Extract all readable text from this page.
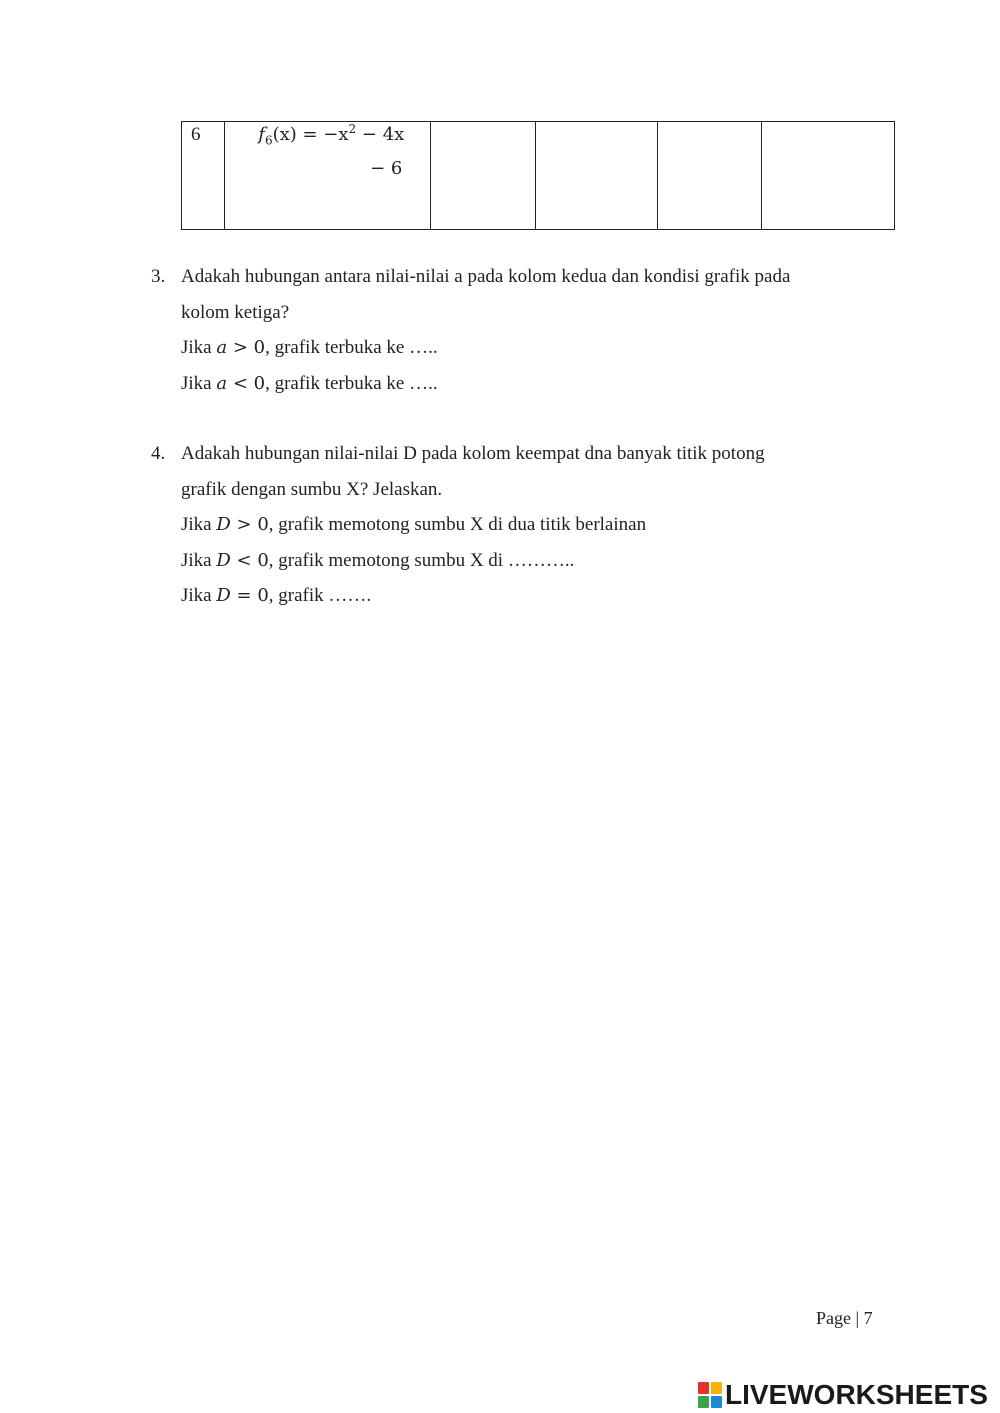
6	$f_6(x) = -x^2 - 4x$
− 6

3. Adakah hubungan antara nilai-nilai a pada kolom kedua dan kondisi grafik pada
kolom ketiga?
Jika a > 0, grafik terbuka ke …..
Jika a < 0, grafik terbuka ke …..
4. Adakah hubungan nilai-nilai D pada kolom keempat dna banyak titik potong
grafik dengan sumbu X? Jelaskan.
Jika D > 0, grafik memotong sumbu X di dua titik berlainan
Jika D < 0, grafik memotong sumbu X di ………..
Jika D = 0, grafik …….
Page | 7
LIVEWORKSHEETS
